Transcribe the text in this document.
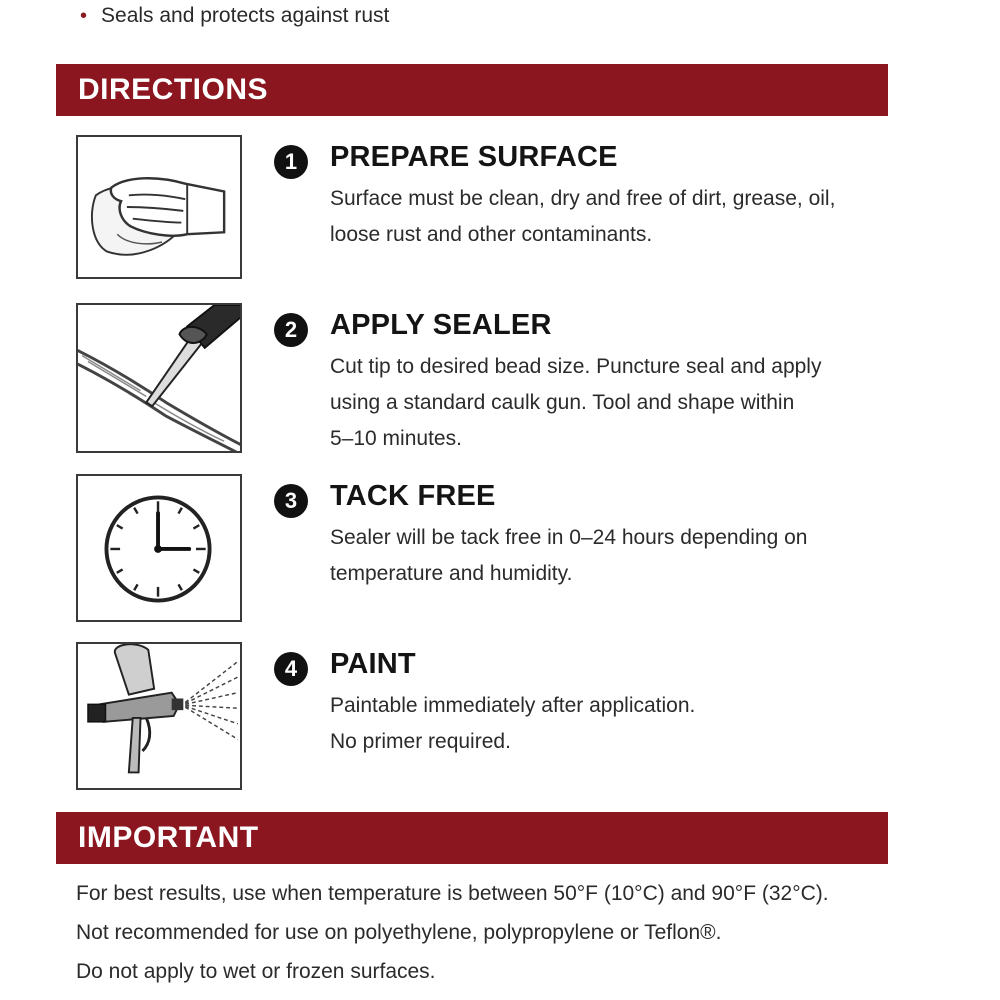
• Seals and protects against rust
DIRECTIONS
1	PREPARE SURFACE
Surface must be clean, dry and free of dirt, grease, oil,
loose rust and other contaminants.
2	APPLY SEALER
Cut tip to desired bead size. Puncture seal and apply
using a standard caulk gun. Tool and shape within
5–10 minutes.
3	TACK FREE
Sealer will be tack free in 0–24 hours depending on
temperature and humidity.
4	PAINT
Paintable immediately after application.
No primer required.
IMPORTANT
For best results, use when temperature is between 50°F (10°C) and 90°F (32°C).
Not recommended for use on polyethylene, polypropylene or Teflon®.
Do not apply to wet or frozen surfaces.
